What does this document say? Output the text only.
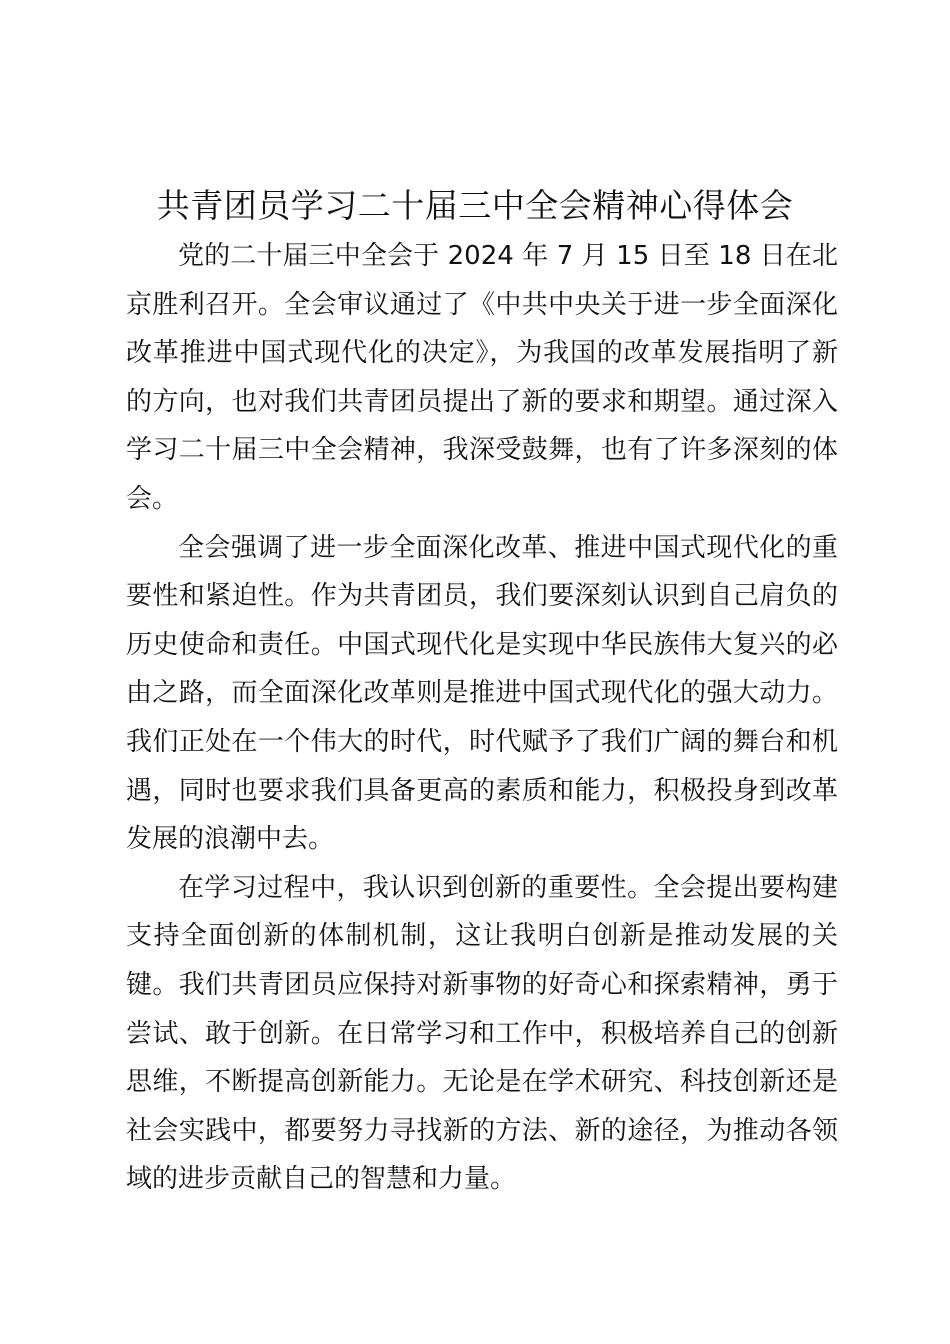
共青团员学习二十届三中全会精神心得体会

党的二十届三中全会于 2024 年 7 月 15 日至 18 日在北京胜利召开。全会审议通过了《中共中央关于进一步全面深化改革推进中国式现代化的决定》，为我国的改革发展指明了新的方向，也对我们共青团员提出了新的要求和期望。通过深入学习二十届三中全会精神，我深受鼓舞，也有了许多深刻的体会。

全会强调了进一步全面深化改革、推进中国式现代化的重要性和紧迫性。作为共青团员，我们要深刻认识到自己肩负的历史使命和责任。中国式现代化是实现中华民族伟大复兴的必由之路，而全面深化改革则是推进中国式现代化的强大动力。我们正处在一个伟大的时代，时代赋予了我们广阔的舞台和机遇，同时也要求我们具备更高的素质和能力，积极投身到改革发展的浪潮中去。

在学习过程中，我认识到创新的重要性。全会提出要构建支持全面创新的体制机制，这让我明白创新是推动发展的关键。我们共青团员应保持对新事物的好奇心和探索精神，勇于尝试、敢于创新。在日常学习和工作中，积极培养自己的创新思维，不断提高创新能力。无论是在学术研究、科技创新还是社会实践中，都要努力寻找新的方法、新的途径，为推动各领域的进步贡献自己的智慧和力量。
